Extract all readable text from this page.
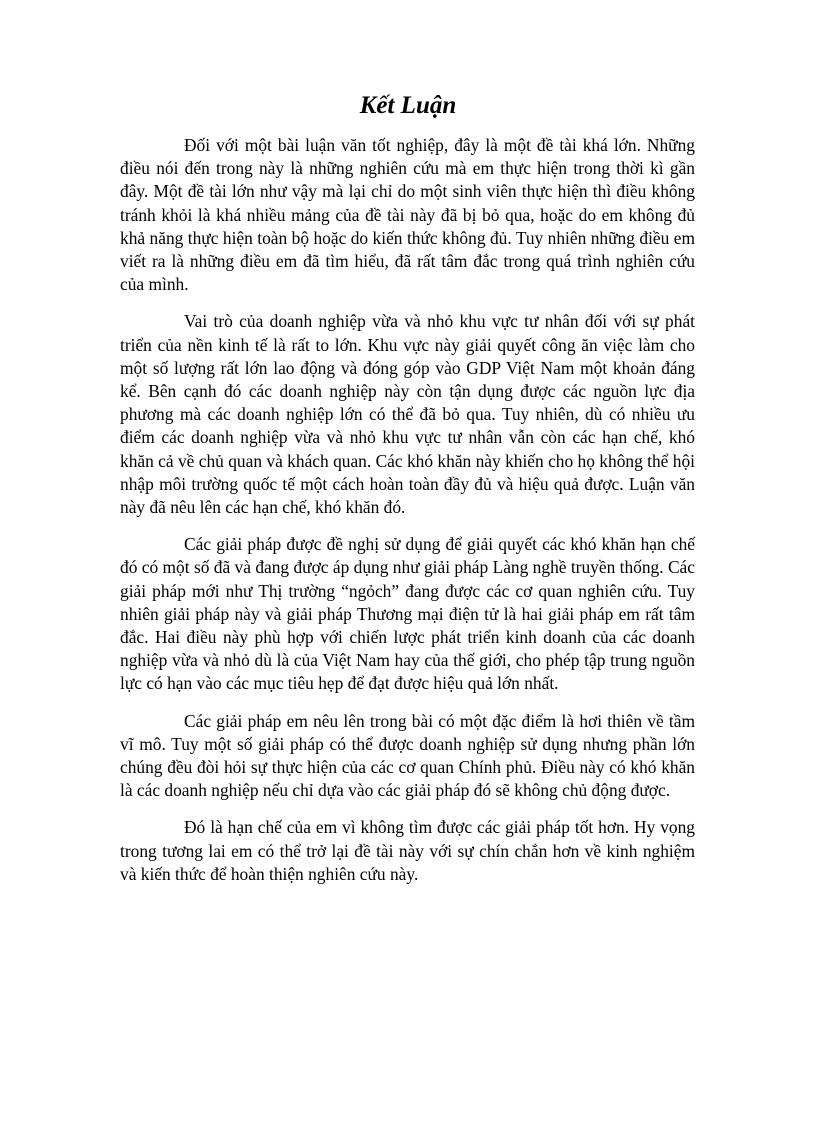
Kết Luận

Đối với một bài luận văn tốt nghiệp, đây là một đề tài khá lớn. Những điều nói đến trong này là những nghiên cứu mà em thực hiện trong thời kì gần đây. Một đề tài lớn như vậy mà lại chỉ do một sinh viên thực hiện thì điều không tránh khỏi là khá nhiều mảng của đề tài này đã bị bỏ qua, hoặc do em không đủ khả năng thực hiện toàn bộ hoặc do kiến thức không đủ. Tuy nhiên những điều em viết ra là những điều em đã tìm hiểu, đã rất tâm đắc trong quá trình nghiên cứu của mình.

Vai trò của doanh nghiệp vừa và nhỏ khu vực tư nhân đối với sự phát triển của nền kinh tế là rất to lớn. Khu vực này giải quyết công ăn việc làm cho một số lượng rất lớn lao động và đóng góp vào GDP Việt Nam một khoản đáng kể. Bên cạnh đó các doanh nghiệp này còn tận dụng được các nguồn lực địa phương mà các doanh nghiệp lớn có thể đã bỏ qua. Tuy nhiên, dù có nhiều ưu điểm các doanh nghiệp vừa và nhỏ khu vực tư nhân vẫn còn các hạn chế, khó khăn cả về chủ quan và khách quan. Các khó khăn này khiến cho họ không thể hội nhập môi trường quốc tế một cách hoàn toàn đầy đủ và hiệu quả được. Luận văn này đã nêu lên các hạn chế, khó khăn đó.

Các giải pháp được đề nghị sử dụng để giải quyết các khó khăn hạn chế đó có một số đã và đang được áp dụng như giải pháp Làng nghề truyền thống. Các giải pháp mới như Thị trường “ngỏch” đang được các cơ quan nghiên cứu. Tuy nhiên giải pháp này và giải pháp Thương mại điện tử là hai giải pháp em rất tâm đắc. Hai điều này phù hợp với chiến lược phát triển kinh doanh của các doanh nghiệp vừa và nhỏ dù là của Việt Nam hay của thế giới, cho phép tập trung nguồn lực có hạn vào các mục tiêu hẹp để đạt được hiệu quả lớn nhất.

Các giải pháp em nêu lên trong bài có một đặc điểm là hơi thiên về tầm vĩ mô. Tuy một số giải pháp có thể được doanh nghiệp sử dụng nhưng phần lớn chúng đều đòi hỏi sự thực hiện của các cơ quan Chính phủ. Điều này có khó khăn là các doanh nghiệp nếu chỉ dựa vào các giải pháp đó sẽ không chủ động được.

Đó là hạn chế của em vì không tìm được các giải pháp tốt hơn. Hy vọng trong tương lai em có thể trở lại đề tài này với sự chín chắn hơn về kinh nghiệm và kiến thức để hoàn thiện nghiên cứu này.
